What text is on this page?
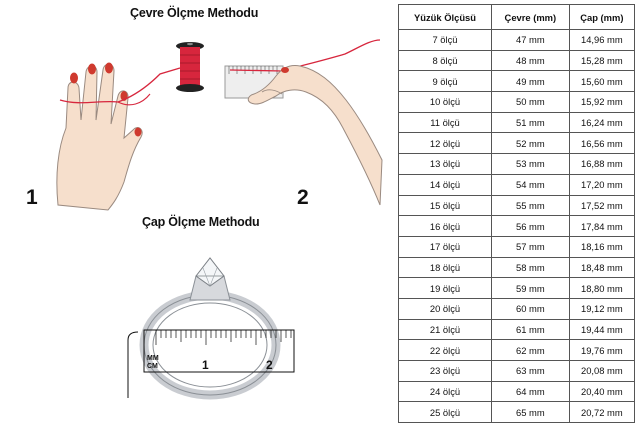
MM
CM	1	2
Çevre Ölçme Methodu
1	2
Çap Ölçme Methodu
Yüzük Ölçüsü	Çevre (mm)	Çap (mm)
7 ölçü	47 mm	14,96 mm
8 ölçü	48 mm	15,28 mm
9 ölçü	49 mm	15,60 mm
10 ölçü	50 mm	15,92 mm
11 ölçü	51 mm	16,24 mm
12 ölçü	52 mm	16,56 mm
13 ölçü	53 mm	16,88 mm
14 ölçü	54 mm	17,20 mm
15 ölçü	55 mm	17,52 mm
16 ölçü	56 mm	17,84 mm
17 ölçü	57 mm	18,16 mm
18 ölçü	58 mm	18,48 mm
19 ölçü	59 mm	18,80 mm
20 ölçü	60 mm	19,12 mm
21 ölçü	61 mm	19,44 mm
22 ölçü	62 mm	19,76 mm
23 ölçü	63 mm	20,08 mm
24 ölçü	64 mm	20,40 mm
25 ölçü	65 mm	20,72 mm
